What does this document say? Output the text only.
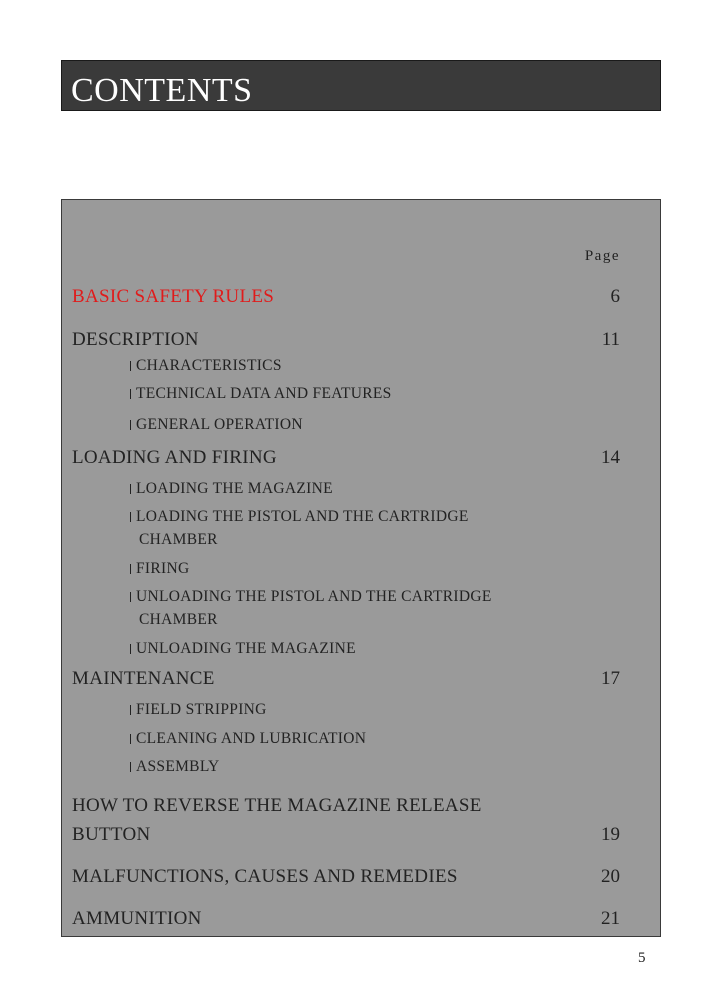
CONTENTS
Page
BASIC SAFETY RULES	6
DESCRIPTION	11
CHARACTERISTICS
TECHNICAL DATA AND FEATURES
GENERAL OPERATION
LOADING AND FIRING	14
LOADING THE MAGAZINE
LOADING THE PISTOL AND THE CARTRIDGE
CHAMBER
FIRING
UNLOADING THE PISTOL AND THE CARTRIDGE
CHAMBER
UNLOADING THE MAGAZINE
MAINTENANCE	17
FIELD STRIPPING
CLEANING AND LUBRICATION
ASSEMBLY
HOW TO REVERSE THE MAGAZINE RELEASE
BUTTON	19
MALFUNCTIONS, CAUSES AND REMEDIES	20
AMMUNITION	21
5
